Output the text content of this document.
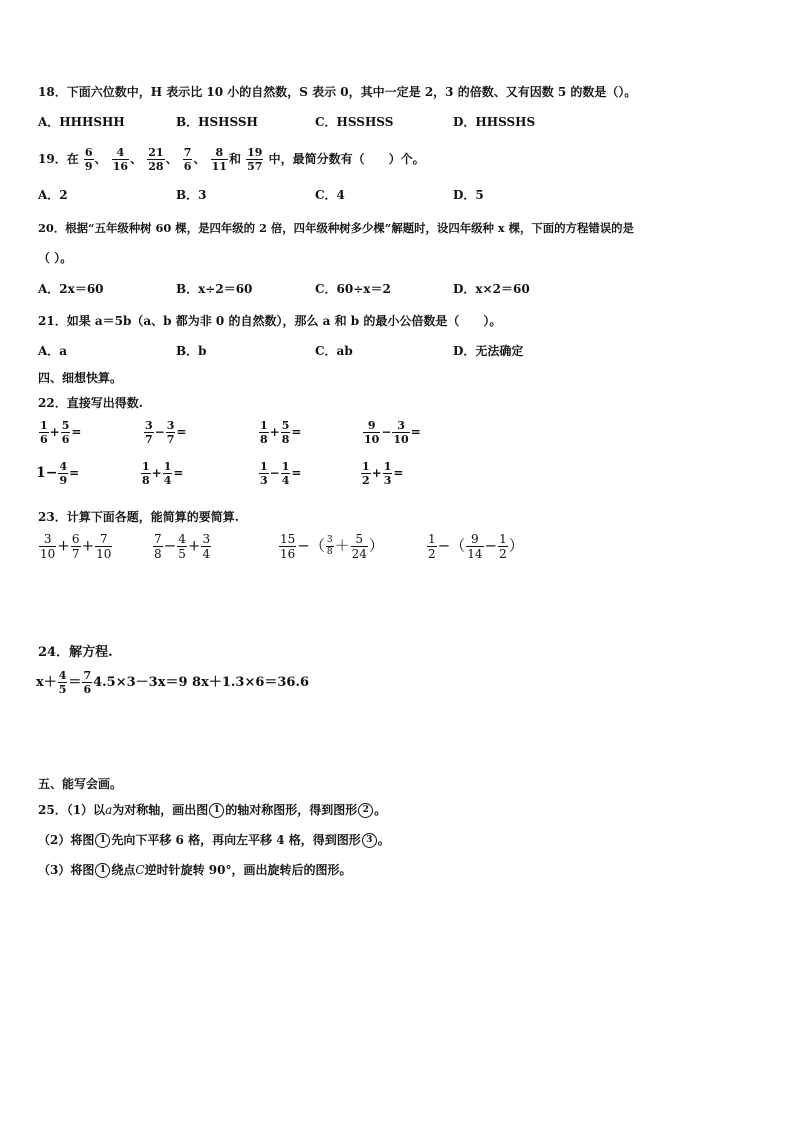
18．下面六位数中，H 表示比 10 小的自然数，S 表示 0，其中一定是 2，3 的倍数、又有因数 5 的数是（）。
A．HHHSHH	B．HSHSSH	C．HSSHSS	D．HHSSHS
19．在 $\frac{6}{9}$ 、 $\frac{4}{16}$ 、 $\frac{21}{28}$ 、 $\frac{7}{6}$ 、 $\frac{8}{11}$ 和 $\frac{19}{57}$ 中，最简分数有（　　）个。
A．2	B．3	C．4	D．5
20．根据“五年级种树 60 棵，是四年级的 2 倍，四年级种树多少棵”解题时，设四年级种 x 棵，下面的方程错误的是
（ ）。
A．2x＝60	B．x÷2＝60	C．60÷x＝2	D．x×2＝60
21．如果 a＝5b（a、b 都为非 0 的自然数），那么 a 和 b 的最小公倍数是（　　）。
A．a	B．b	C．ab	D．无法确定
四、细想快算。
22．直接写出得数.
$\frac{1}{6} + \frac{5}{6}$ =	$\frac{3}{7} - \frac{3}{7}$ =	$\frac{1}{8} + \frac{5}{8}$ =	$\frac{9}{10} - \frac{3}{10}$ =
$1- \frac{4}{9}$ =	$\frac{1}{8} + \frac{1}{4}$ =	$\frac{1}{3} - \frac{1}{4}$ =	$\frac{1}{2} + \frac{1}{3}$ =
23．计算下面各题，能简算的要简算.
$\frac{3}{10} + \frac{6}{7} + \frac{7}{10}$	$\frac{7}{8} - \frac{4}{5} + \frac{3}{4}$	$\frac{15}{16}$ −（ $\frac{3}{8} + \frac{5}{24}$ ）	$\frac{1}{2}$ −（ $\frac{9}{14} - \frac{1}{2}$ ）
24．解方程.
$x+ \frac{4}{5} = \frac{7}{6} 4.5\times 3-3x=9$ 8x＋1.3×6＝36.6
五、能写会画。
25．（1）以a为对称轴，画出图 1 的轴对称图形，得到图形 2 。
（2）将图 1 先向下平移 6 格，再向左平移 4 格，得到图形 3 。
（3）将图 1 绕点C逆时针旋转 90°，画出旋转后的图形。
